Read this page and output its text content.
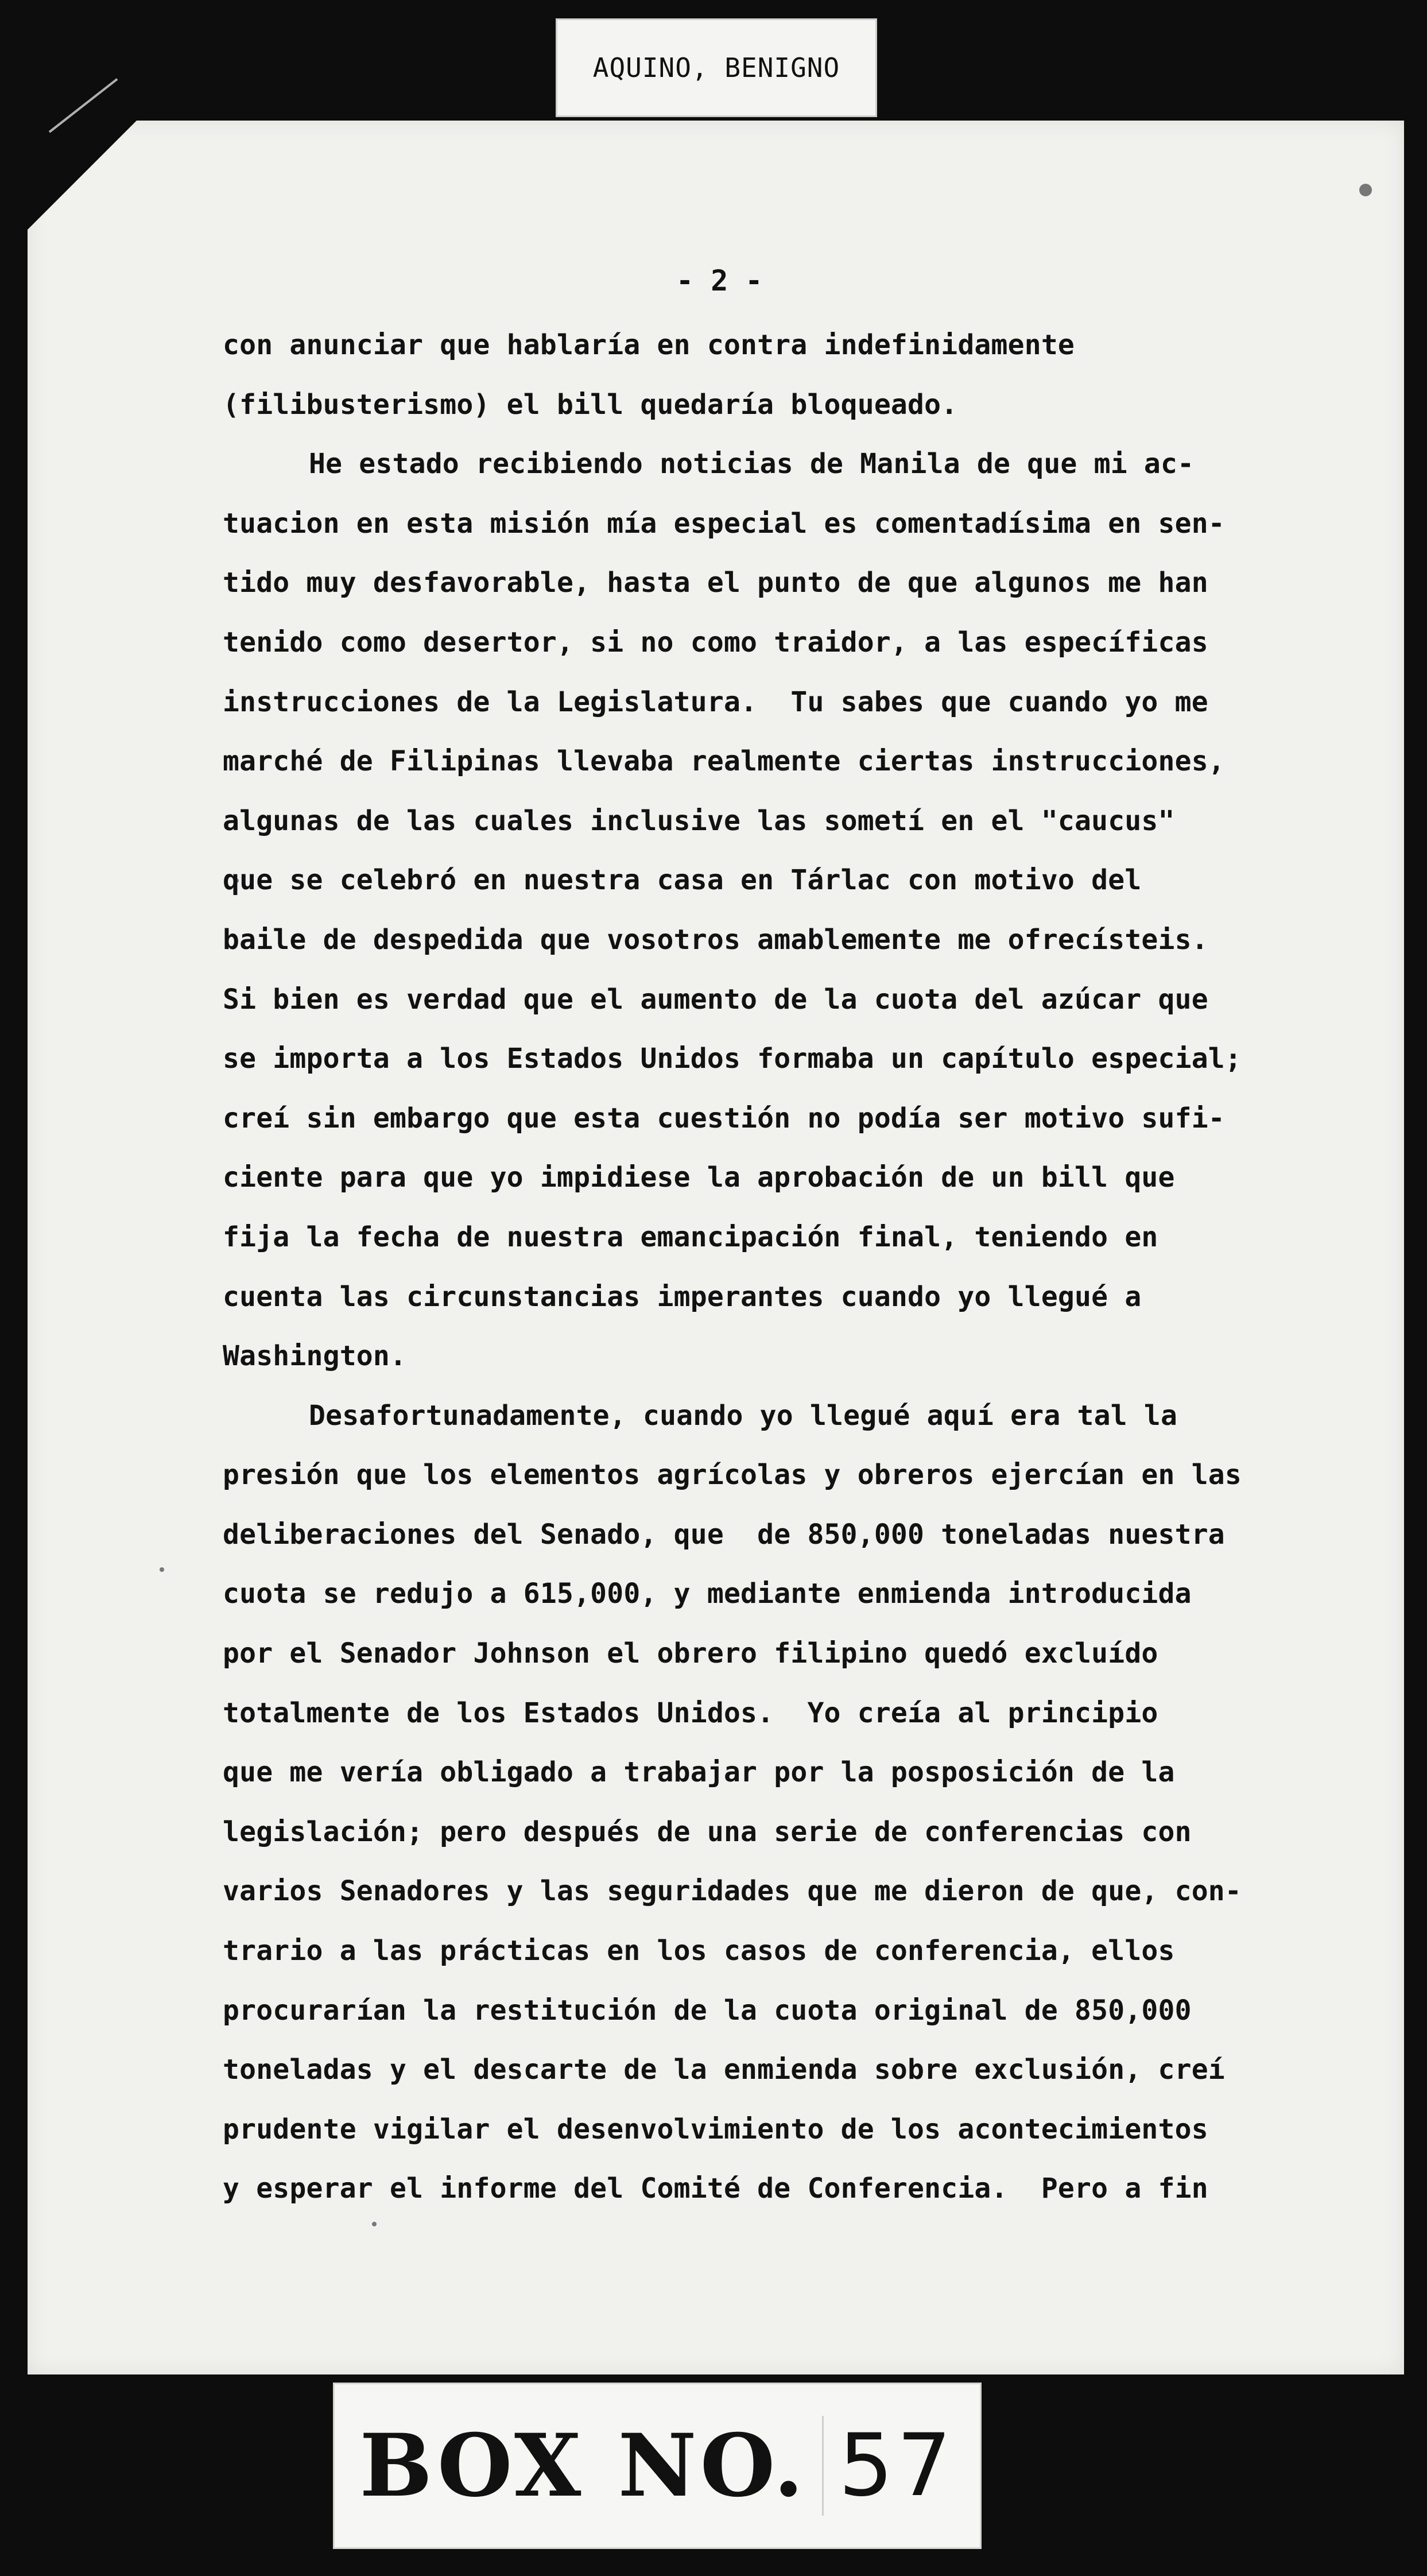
AQUINO, BENIGNO
- 2 -
con anunciar que hablaría en contra indefinidamente
(filibusterismo) el bill quedaría bloqueado.
He estado recibiendo noticias de Manila de que mi ac-
tuacion en esta misión mía especial es comentadísima en sen-
tido muy desfavorable, hasta el punto de que algunos me han
tenido como desertor, si no como traidor, a las específicas
instrucciones de la Legislatura.  Tu sabes que cuando yo me
marché de Filipinas llevaba realmente ciertas instrucciones,
algunas de las cuales inclusive las sometí en el "caucus"
que se celebró en nuestra casa en Tárlac con motivo del
baile de despedida que vosotros amablemente me ofrecísteis.
Si bien es verdad que el aumento de la cuota del azúcar que
se importa a los Estados Unidos formaba un capítulo especial;
creí sin embargo que esta cuestión no podía ser motivo sufi-
ciente para que yo impidiese la aprobación de un bill que
fija la fecha de nuestra emancipación final, teniendo en
cuenta las circunstancias imperantes cuando yo llegué a
Washington.
Desafortunadamente, cuando yo llegué aquí era tal la
presión que los elementos agrícolas y obreros ejercían en las
deliberaciones del Senado, que  de 850,000 toneladas nuestra
cuota se redujo a 615,000, y mediante enmienda introducida
por el Senador Johnson el obrero filipino quedó excluído
totalmente de los Estados Unidos.  Yo creía al principio
que me vería obligado a trabajar por la posposición de la
legislación; pero después de una serie de conferencias con
varios Senadores y las seguridades que me dieron de que, con-
trario a las prácticas en los casos de conferencia, ellos
procurarían la restitución de la cuota original de 850,000
toneladas y el descarte de la enmienda sobre exclusión, creí
prudente vigilar el desenvolvimiento de los acontecimientos
y esperar el informe del Comité de Conferencia.  Pero a fin
BOX NO. 57
